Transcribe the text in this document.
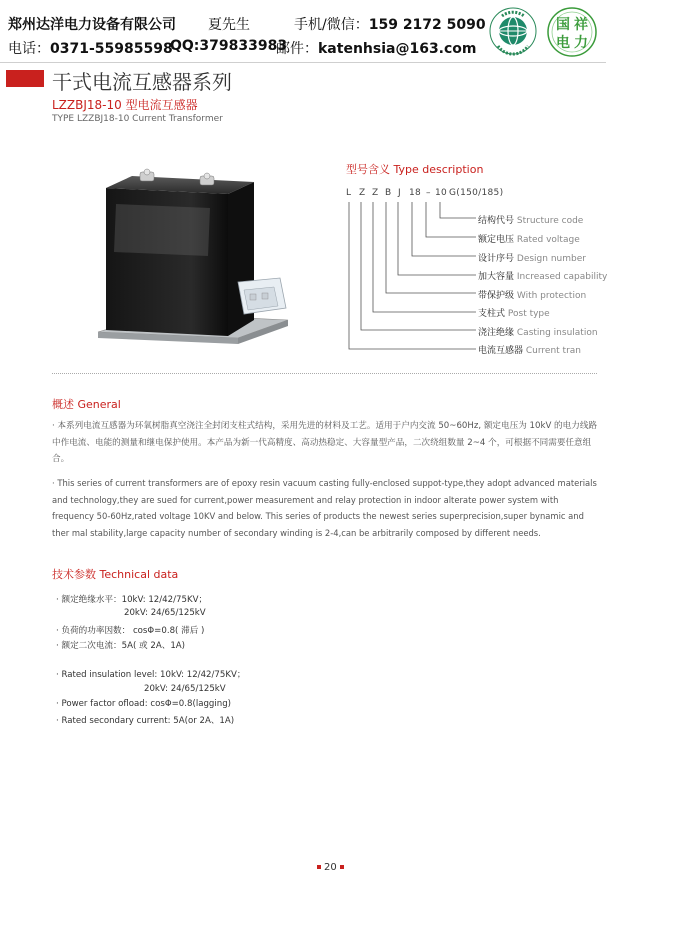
郑州达洋电力设备有限公司 夏先生	手机/微信：159 2172 5090
电话：0371-55985598
QQ:379833983
邮件：katenhsia@163.com
国 祥
电 力
干式电流互感器系列
LZZBJ18-10 型电流互感器
TYPE LZZBJ18-10 Current Transformer
型号含义 Type description
L Z Z B J 18 – 10 G(150/185)
结构代号 Structure code
额定电压 Rated voltage
设计序号 Design number
加大容量 Increased capability
带保护级 With protection
支柱式 Post type
浇注绝缘 Casting insulation
电流互感器 Current tran
概述 General
· 本系列电流互感器为环氧树脂真空浇注全封闭支柱式结构，采用先进的材料及工艺。适用于户内交流 50~60Hz, 额定电压为 10kV 的电力线路中作电流、电能的测量和继电保护使用。本产品为新一代高精度、高动热稳定、大容量型产品，二次绕组数量 2~4 个，可根据不同需要任意组合。
· This series of current transformers are of epoxy resin vacuum casting fully-enclosed suppot-type,they adopt advanced materials and technology,they are sued for current,power measurement and relay protection in indoor alterate power system with frequency 50-60Hz,rated voltage 10KV and below. This series of products the newest series superprecision,super bynamic and ther mal stability,large capacity number of secondary winding is 2-4,can be arbitrarily composed by different needs.
技术参数 Technical data
· 额定绝缘水平：10kV: 12/42/75KV；
20kV: 24/65/125kV
· 负荷的功率因数： cosΦ=0.8( 滞后 )
· 额定二次电流：5A( 或 2A、1A)
· Rated insulation level: 10kV: 12/42/75KV；
20kV: 24/65/125kV
· Power factor ofload: cosΦ=0.8(lagging)
· Rated secondary current: 5A(or 2A、1A)
20
